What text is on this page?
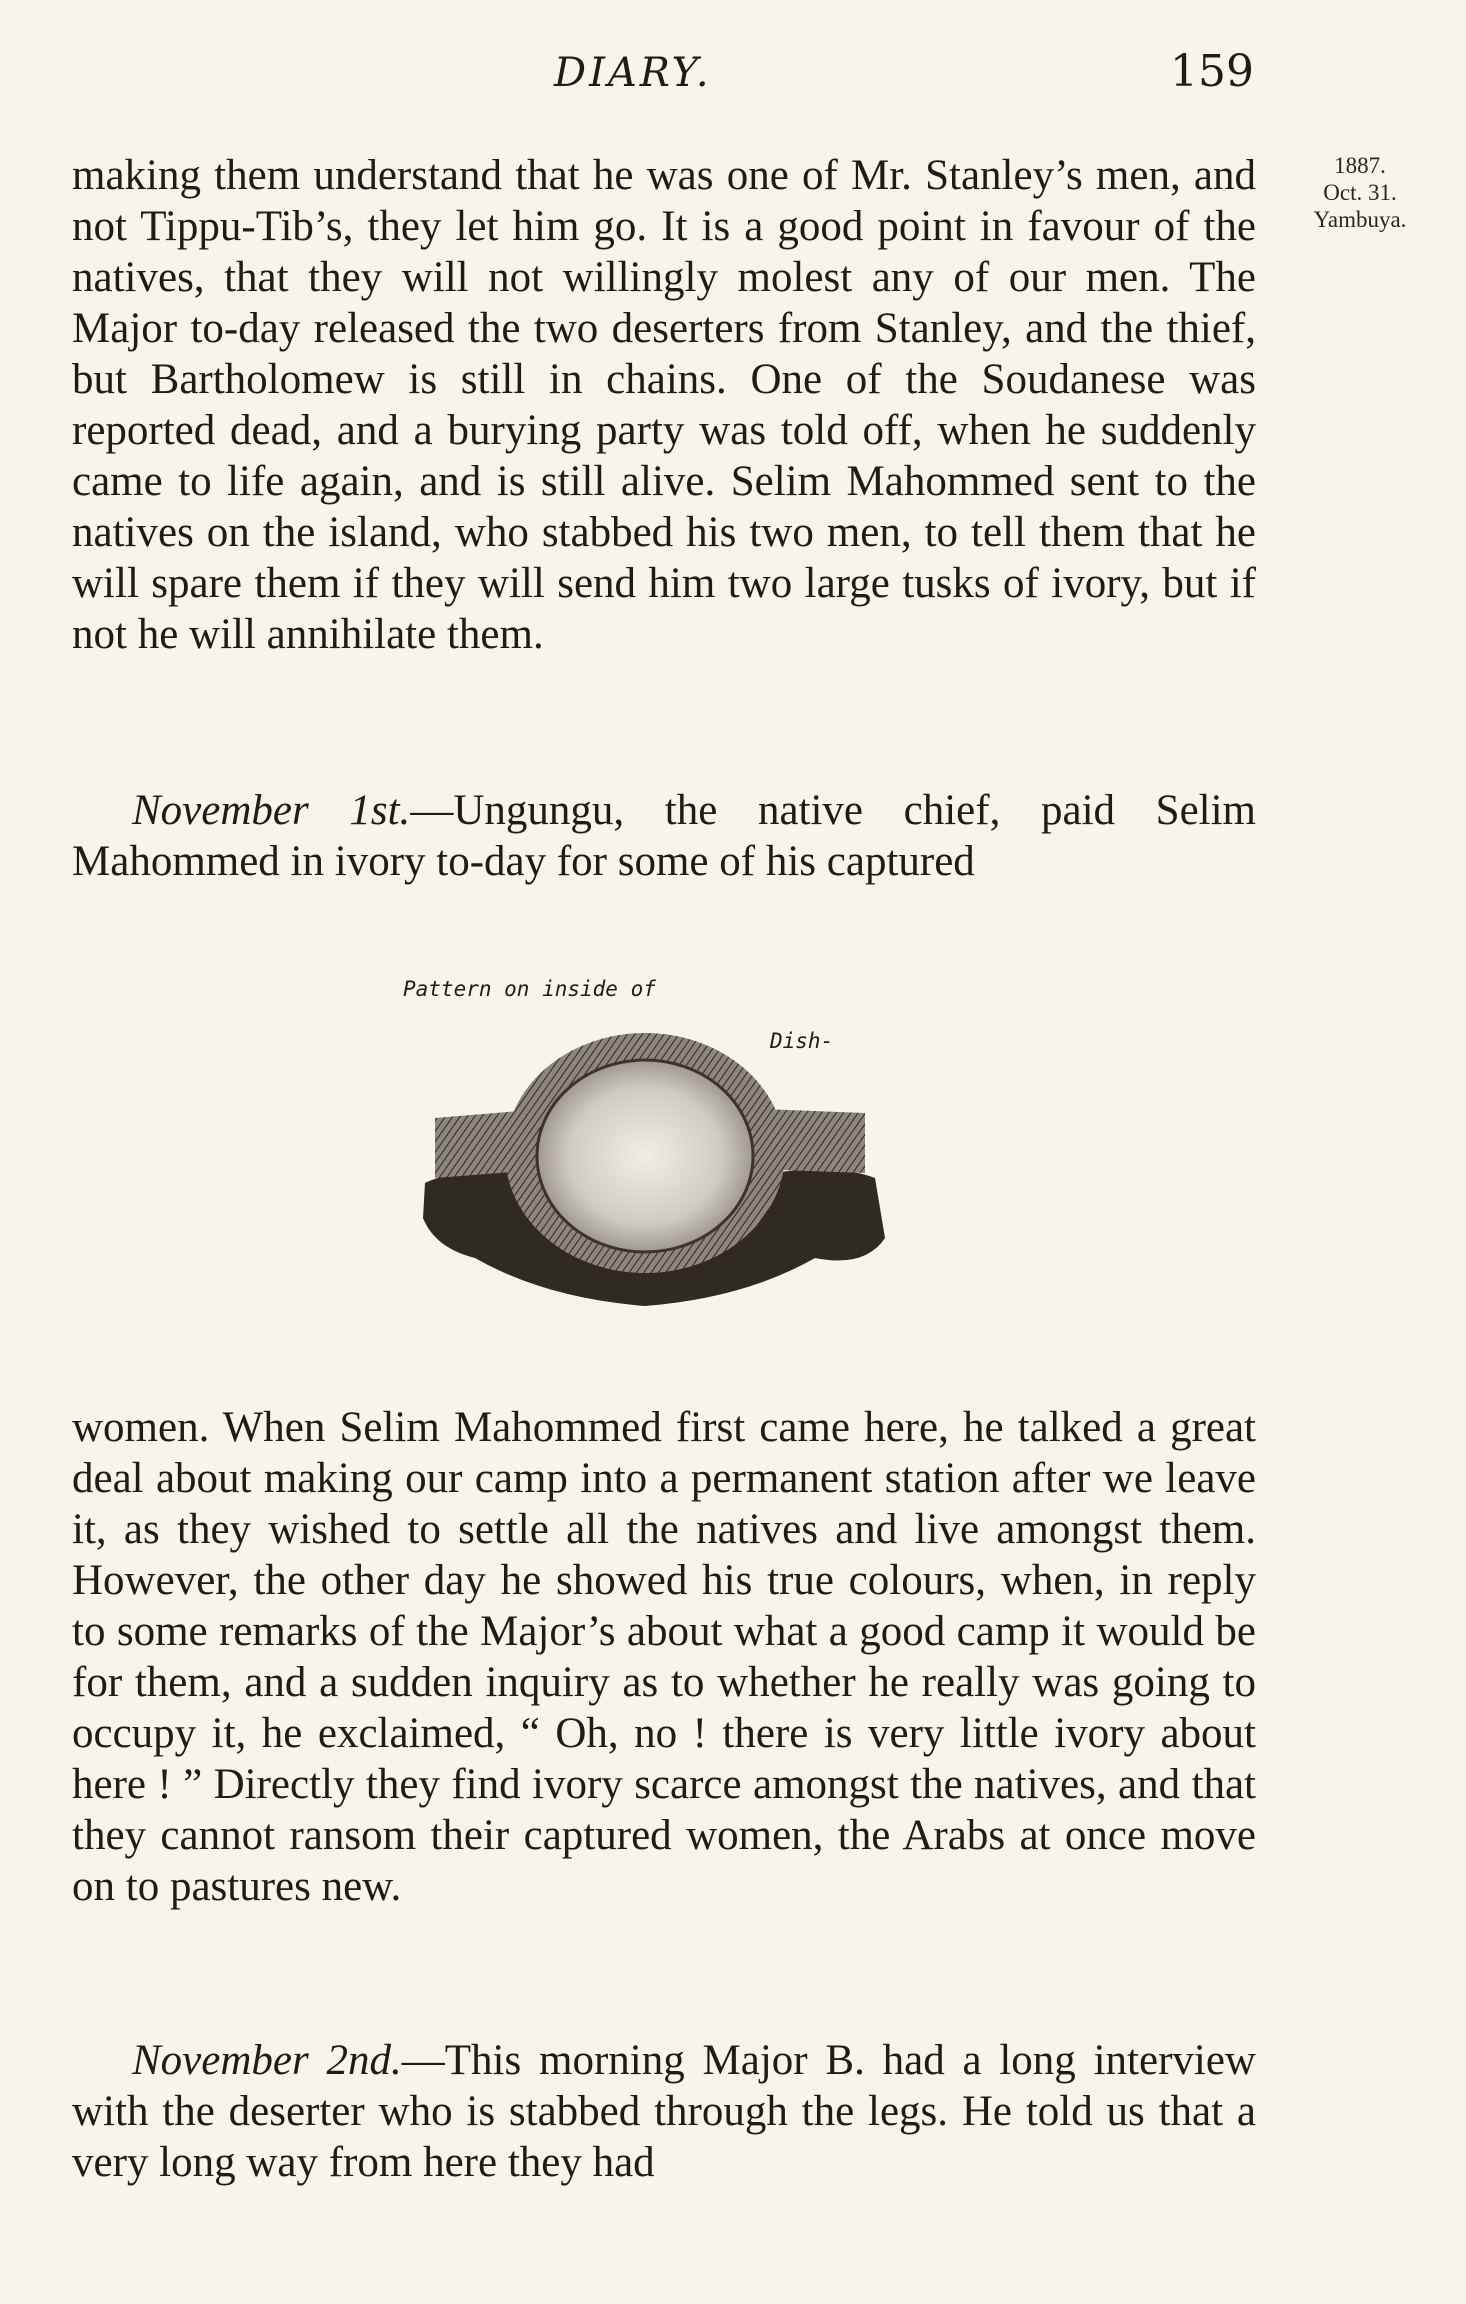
DIARY.	159
1887.
Oct. 31.
Yambuya.

making them understand that he was one of Mr. Stanley’s men, and not Tippu-Tib’s, they let him go. It is a good point in favour of the natives, that they will not willingly molest any of our men. The Major to-day released the two deserters from Stanley, and the thief, but Bartholomew is still in chains. One of the Soudanese was reported dead, and a burying party was told off, when he suddenly came to life again, and is still alive. Selim Mahommed sent to the natives on the island, who stabbed his two men, to tell them that he will spare them if they will send him two large tusks of ivory, but if not he will annihilate them.

November 1st.—Ungungu, the native chief, paid Selim Mahommed in ivory to-day for some of his captured

Pattern on inside of
Dish-

women. When Selim Mahommed first came here, he talked a great deal about making our camp into a permanent station after we leave it, as they wished to settle all the natives and live amongst them. However, the other day he showed his true colours, when, in reply to some remarks of the Major’s about what a good camp it would be for them, and a sudden inquiry as to whether he really was going to occupy it, he exclaimed, “ Oh, no ! there is very little ivory about here ! ” Directly they find ivory scarce amongst the natives, and that they cannot ransom their captured women, the Arabs at once move on to pastures new.

November 2nd.—This morning Major B. had a long interview with the deserter who is stabbed through the legs. He told us that a very long way from here they had
